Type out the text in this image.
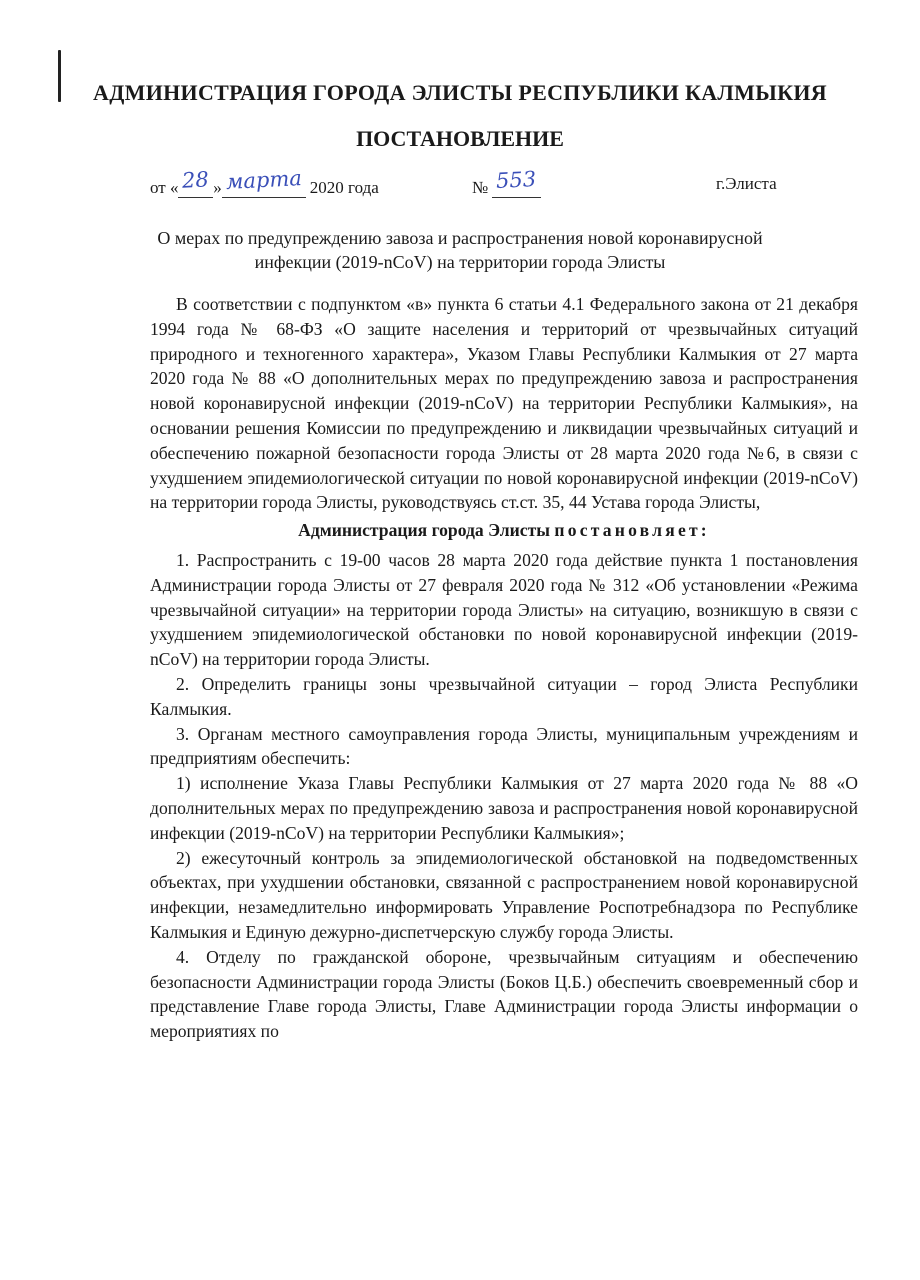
АДМИНИСТРАЦИЯ ГОРОДА ЭЛИСТЫ РЕСПУБЛИКИ КАЛМЫКИЯ
ПОСТАНОВЛЕНИЕ
от « 28 » марта 2020 года	№ 553	г.Элиста
О мерах по предупреждению завоза и распространения новой коронавирусной
инфекции (2019-nCoV) на территории города Элисты

В соответствии с подпунктом «в» пункта 6 статьи 4.1 Федерального закона от 21 декабря 1994 года № 68-ФЗ «О защите населения и территорий от чрезвычайных ситуаций природного и техногенного характера», Указом Главы Республики Калмыкия от 27 марта 2020 года № 88 «О дополнительных мерах по предупреждению завоза и распространения новой коронавирусной инфекции (2019-nCoV) на территории Республики Калмыкия», на основании решения Комиссии по предупреждению и ликвидации чрезвычайных ситуаций и обеспечению пожарной безопасности города Элисты от 28 марта 2020 года №6, в связи с ухудшением эпидемиологической ситуации по новой коронавирусной инфекции (2019-nCoV) на территории города Элисты, руководствуясь ст.ст. 35, 44 Устава города Элисты,

Администрация города Элисты постановляет:

1. Распространить с 19-00 часов 28 марта 2020 года действие пункта 1 постановления Администрации города Элисты от 27 февраля 2020 года № 312 «Об установлении «Режима чрезвычайной ситуации» на территории города Элисты» на ситуацию, возникшую в связи с ухудшением эпидемиологической обстановки по новой коронавирусной инфекции (2019-nCoV) на территории города Элисты.

2. Определить границы зоны чрезвычайной ситуации – город Элиста Республики Калмыкия.

3. Органам местного самоуправления города Элисты, муниципальным учреждениям и предприятиям обеспечить:

1) исполнение Указа Главы Республики Калмыкия от 27 марта 2020 года № 88 «О дополнительных мерах по предупреждению завоза и распространения новой коронавирусной инфекции (2019-nCoV) на территории Республики Калмыкия»;

2) ежесуточный контроль за эпидемиологической обстановкой на подведомственных объектах, при ухудшении обстановки, связанной с распространением новой коронавирусной инфекции, незамедлительно информировать Управление Роспотребнадзора по Республике Калмыкия и Единую дежурно-диспетчерскую службу города Элисты.

4. Отделу по гражданской обороне, чрезвычайным ситуациям и обеспечению безопасности Администрации города Элисты (Боков Ц.Б.) обеспечить своевременный сбор и представление Главе города Элисты, Главе Администрации города Элисты информации о мероприятиях по
